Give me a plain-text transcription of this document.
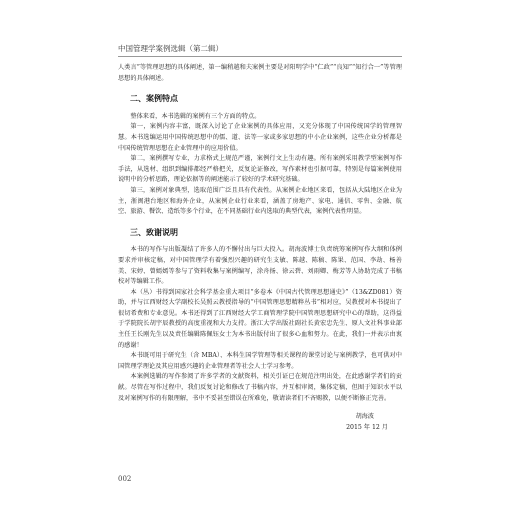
中国管理学案例选辑（第二辑）

人类言”等管理思想的具体阐述，第一编稍越和夫案例主要是对阳明学中“仁政”“良知”“知行合一”等管理思想的具体阐述。

二、案例特点

整体来看，本书选辑的案例有三个方面的特点。

第一，案例内容丰富，既深入讨论了企业案例的具体应用，又充分体现了中国传统国学的管理智慧。本书选编运用中国传统思想中的儒、道、法等一家或多家思想的中小企业案例，这些企业分析都是中国传统管理思想在企业管理中的应用价值。

第二，案例撰写专业，力求格式上规范严谨，案例行文上生动有趣。所有案例采用教学型案例写作手法，从选材、组织到编排都经严格把关，反复论证修改，写作素材也引据可靠，特别是每篇案例使用说明中的分析思路，理论依据等的阐述能示了较好的学术研究基础。

第三，案例对象典型，选取范围广泛且具有代表性。从案例企业地区来看，包括从大陆地区企业为主，浙闽港台地区和海外企业，从案例企业行业来看，涵盖了房地产、家电、通信、零售、金融、航空、旅游、餐饮、造纸等多个行业，在不同基础行业内选取的典型代表，案例代表性明显。

三、致谢说明

本书的写作与出版凝结了许多人的不懈付出与巨大投入。胡海波博士负责统筹案例写作大纲和体例要求并审核定稿，对中国管理学有着强烈兴趣的研究生支敏、陈越、陈稿、陈果、范国、李劫、杨善美、宋婷、曾嫣嫣等参与了资料收集与案例编写，涂舟扬、徐云碧、刘雨卿、梅芳等人协助完成了书稿校对等编辑工作。

本（丛）书得到国家社会科学基金重大项目“多卷本《中国古代管理思想通史》”（13&ZD081）资助，并与江西财经大学副校长吴照云教授指导的“中国管理思想精粹丛书”相对应，吴教授对本书提出了很切希费和专业意见。本书还得到了江西财经大学工商管理学院中国管理思想研究中心的帮助，这得益于学院院长胡宇辰教授的高度重视和大力支持。浙江大学出版社副社长黄宏忠先生、原人文社科事业部主任王长刚先生以及责任编辑陈佩钰女士为本书出版付出了很多心血和努力。在此，我们一并表示由衷的感谢！

本书既可用于研究生（含 MBA）、本科生国学管理等相关课程的课堂讨论与案例教学，也可供对中国管理学理论及其应用感兴趣的企业管理者等社会人士学习参考。

本案例选辑的写作参阅了许多学者的文献资料，相关引证已在规范注明出处，在此感谢学者们的贡献。尽管在写作过程中，我们反复讨论和修改了书稿内容，并互相审阅，集体定稿，但囿于知识水平以及对案例写作的有限理解，书中不妥甚至错误在所难免，敬请读者们不吝赐教，以便不断修正完善。

胡海波
2015 年 12 月
002
